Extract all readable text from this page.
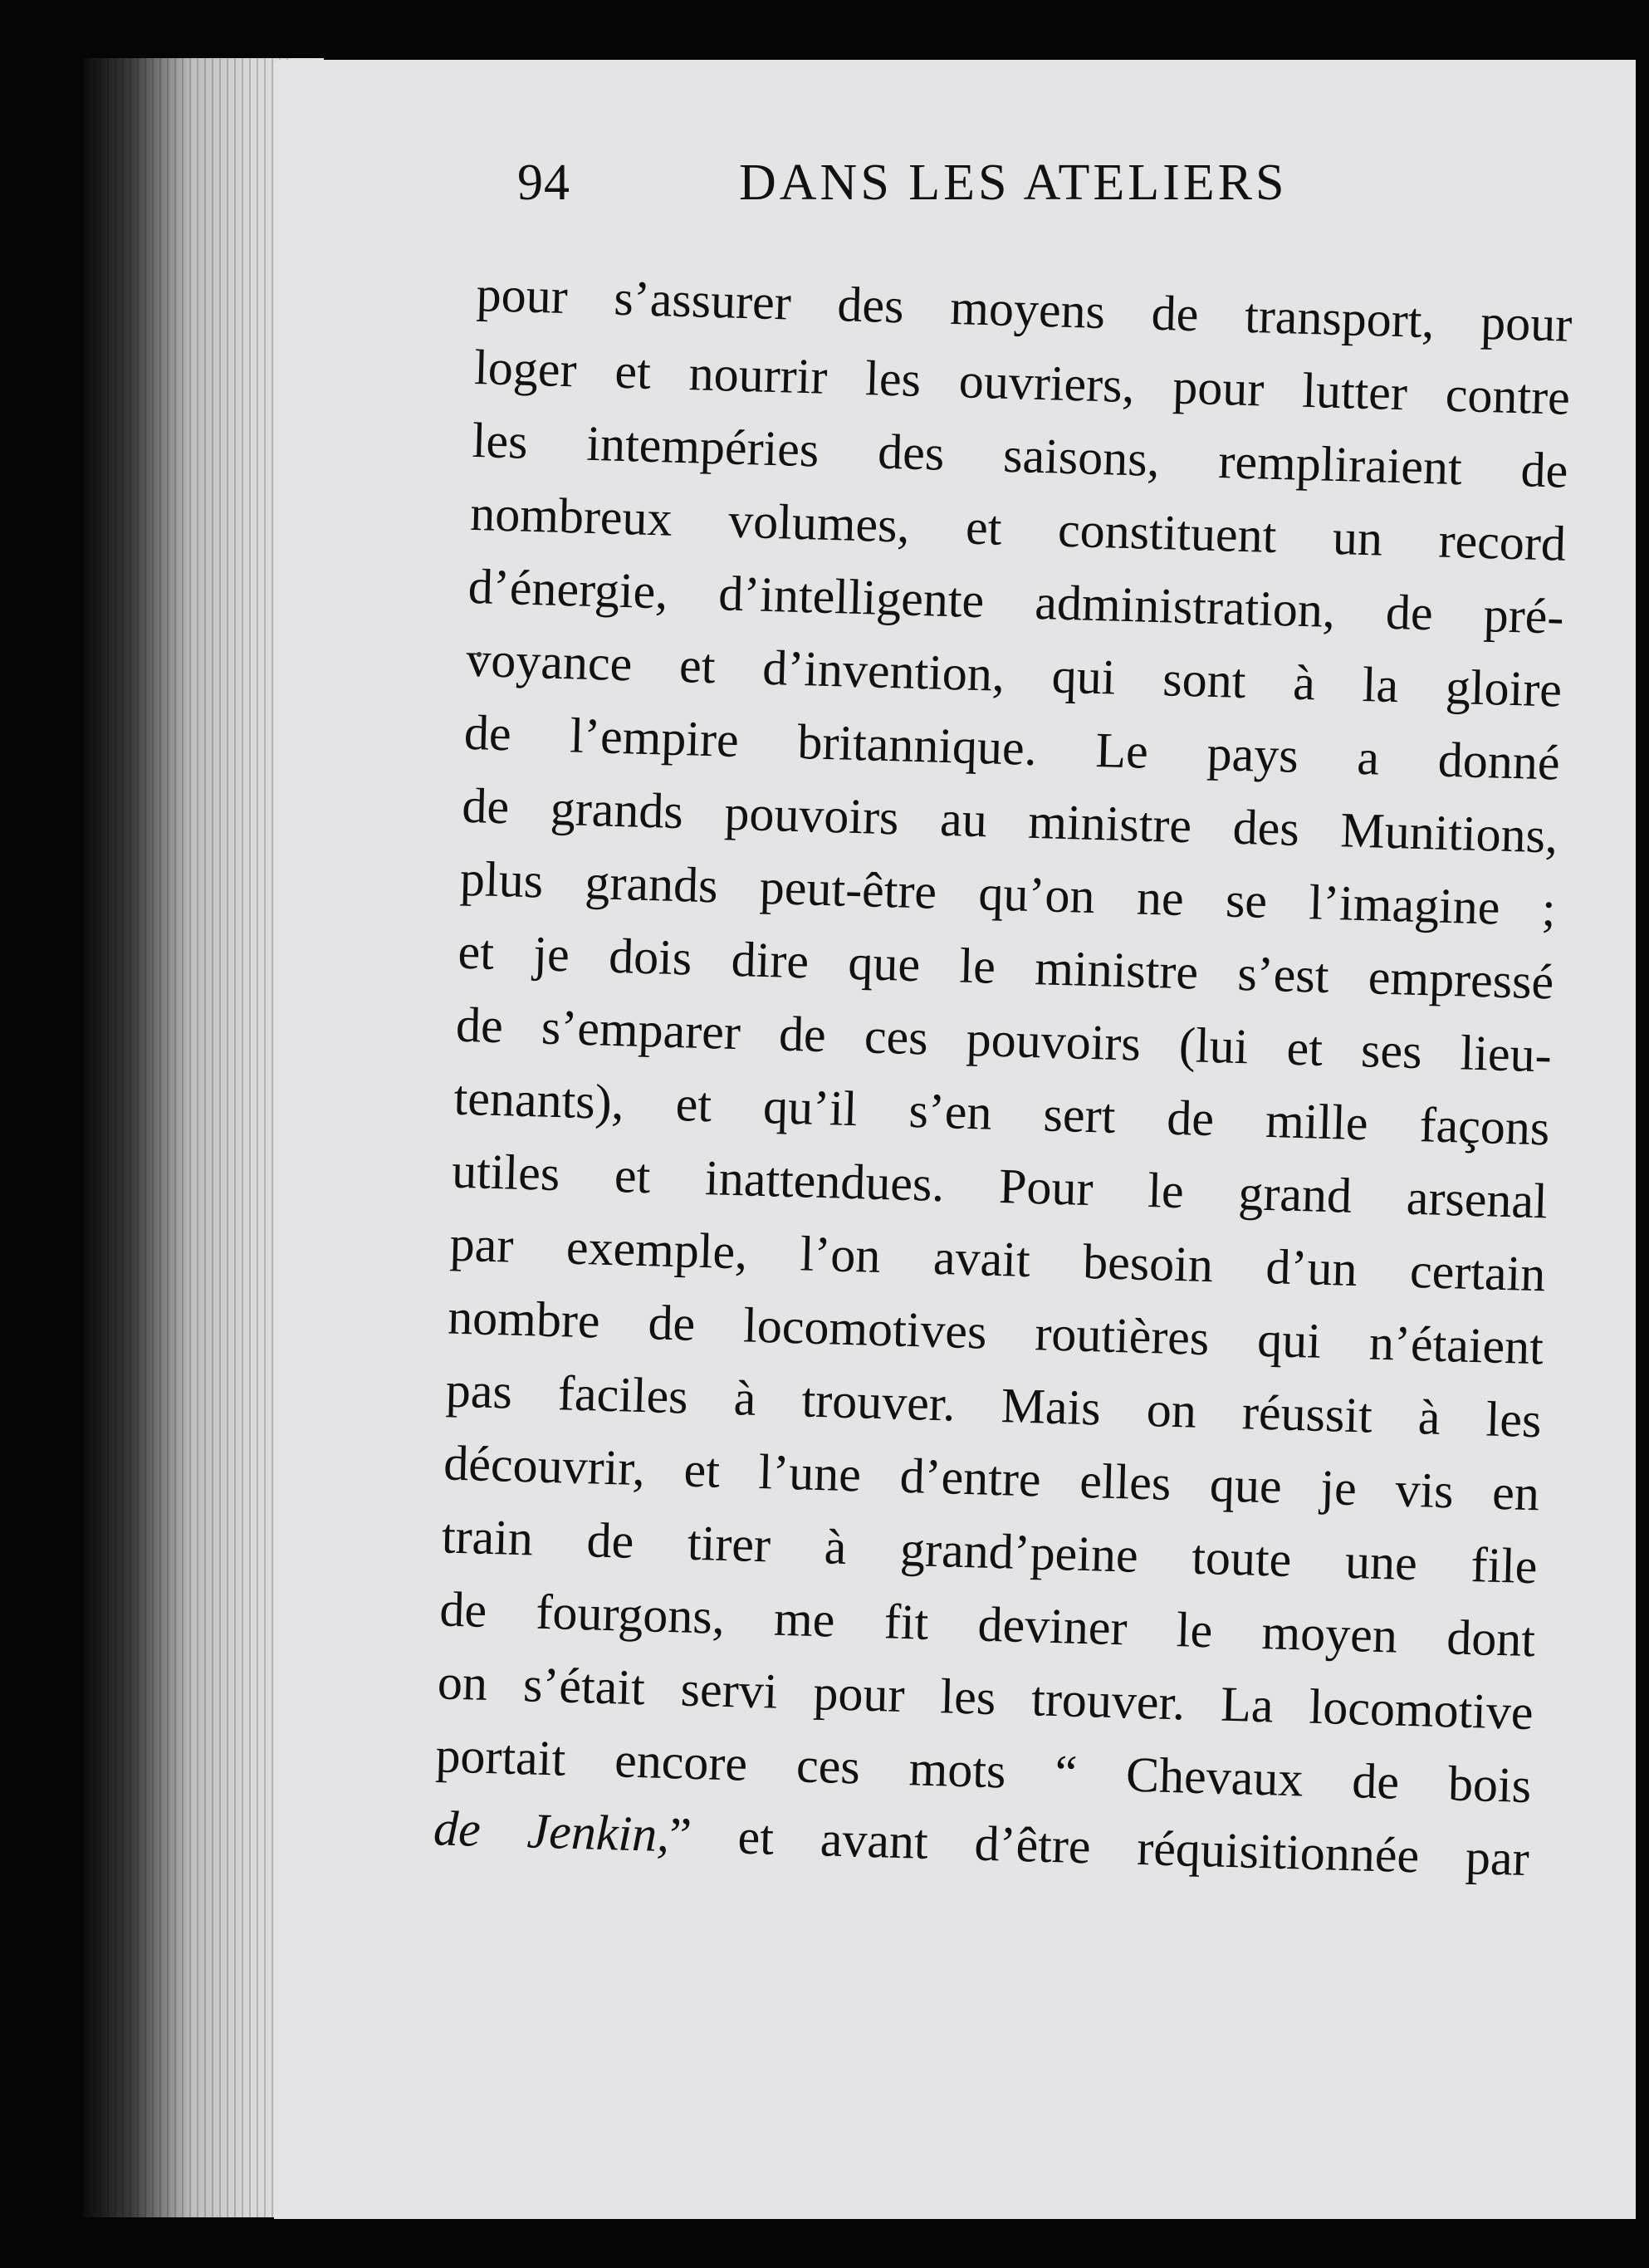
94	DANS LES ATELIERS
pour s’assurer des moyens de transport, pour
loger et nourrir les ouvriers, pour lutter contre
les intempéries des saisons, rempliraient de
nombreux volumes, et constituent un record
d’énergie, d’intelligente administration, de pré-
voyance et d’invention, qui sont à la gloire
de l’empire britannique. Le pays a donné
de grands pouvoirs au ministre des Munitions,
plus grands peut-être qu’on ne se l’imagine ;
et je dois dire que le ministre s’est empressé
de s’emparer de ces pouvoirs (lui et ses lieu-
tenants), et qu’il s’en sert de mille façons
utiles et inattendues. Pour le grand arsenal
par exemple, l’on avait besoin d’un certain
nombre de locomotives routières qui n’étaient
pas faciles à trouver. Mais on réussit à les
découvrir, et l’une d’entre elles que je vis en
train de tirer à grand’peine toute une file
de fourgons, me fit deviner le moyen dont
on s’était servi pour les trouver. La locomotive
portait encore ces mots “ Chevaux de bois
de Jenkin,” et avant d’être réquisitionnée par
